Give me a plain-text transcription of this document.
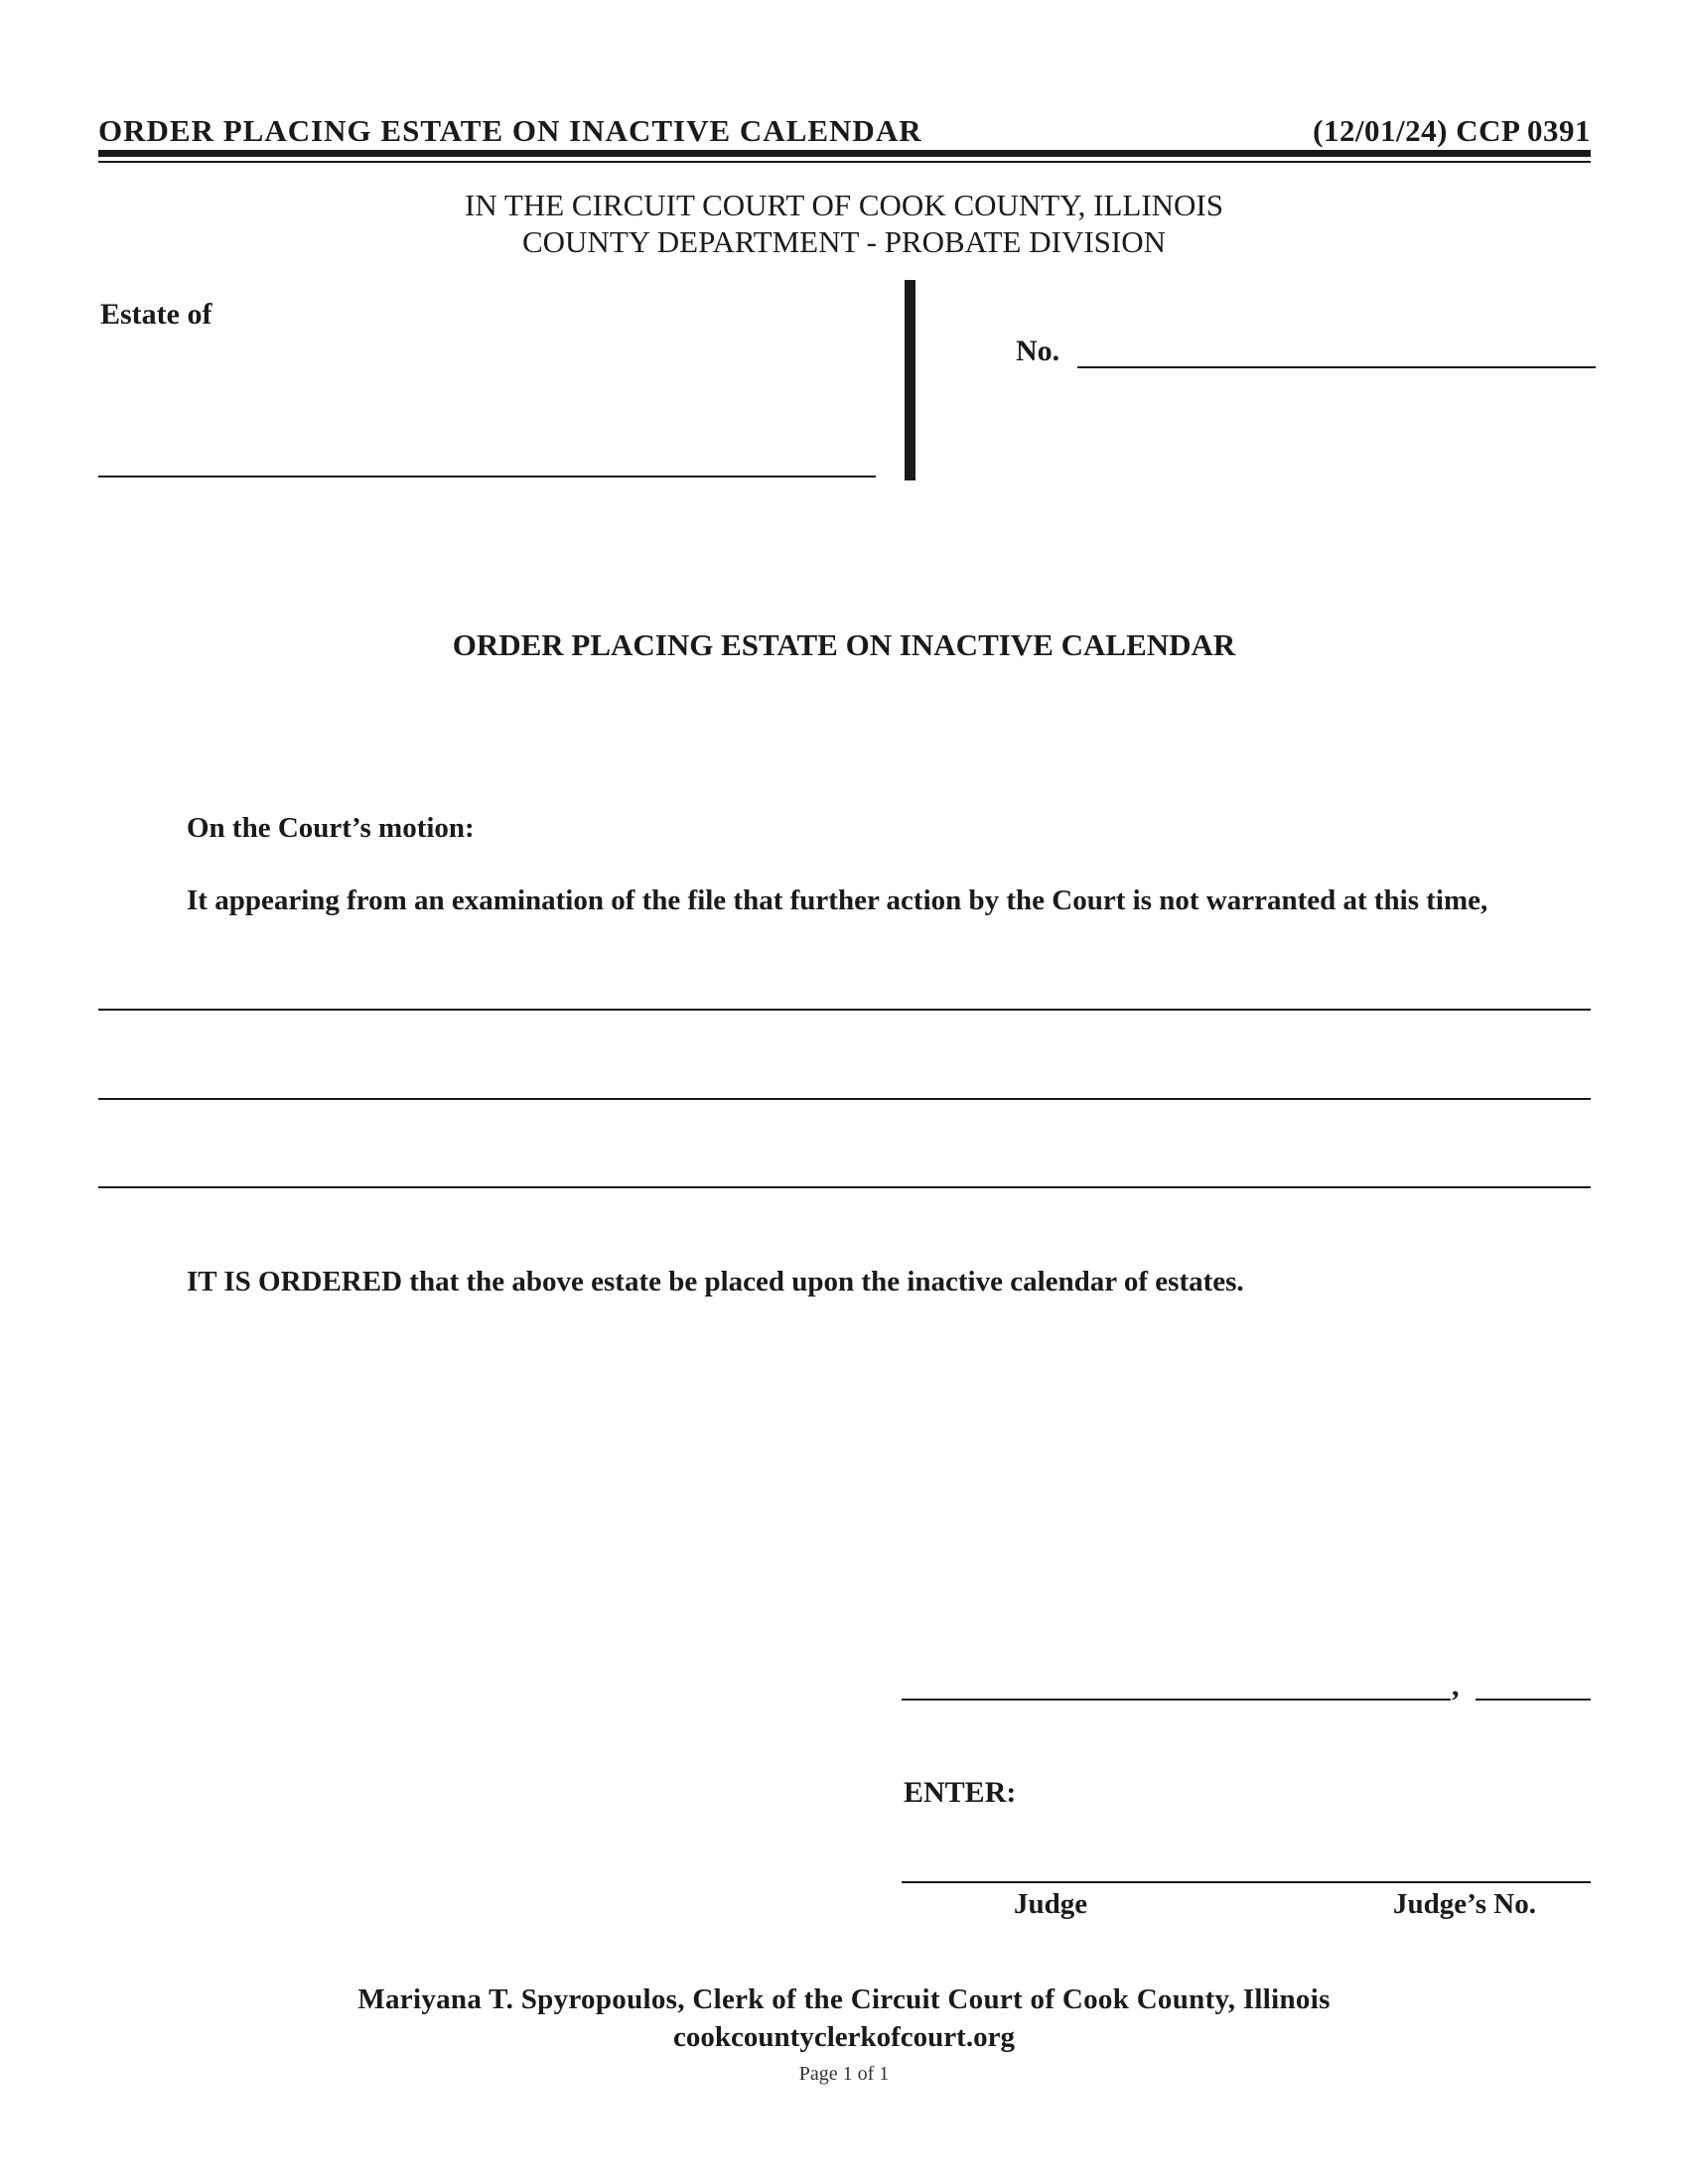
ORDER PLACING ESTATE ON INACTIVE CALENDAR	(12/01/24) CCP 0391
IN THE CIRCUIT COURT OF COOK COUNTY, ILLINOIS
COUNTY DEPARTMENT - PROBATE DIVISION
Estate of
No.
ORDER PLACING ESTATE ON INACTIVE CALENDAR
On the Court’s motion:
It appearing from an examination of the file that further action by the Court is not warranted at this time,
IT IS ORDERED that the above estate be placed upon the inactive calendar of estates.
,
ENTER:
Judge	Judge’s No.
Mariyana T. Spyropoulos, Clerk of the Circuit Court of Cook County, Illinois
cookcountyclerkofcourt.org
Page 1 of 1
